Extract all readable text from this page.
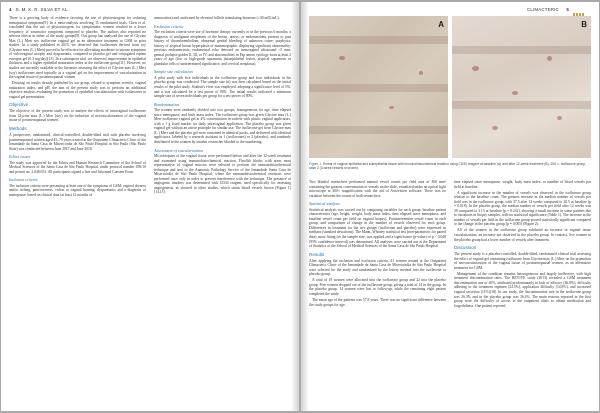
4 S. M. K. R. SILVA ET AL.

There is a growing body of evidence favoring the use of phytoestrogens for reducing menopausal symptoms[9]. In a meta-analysis involving 15 randomized trials, Chen et al. concluded that the use of phytoestrogens for symptomatic women resulted in a lower frequency of vasomotor symptoms compared to placebo. The authors also reported no adverse effects in either of the study groups[9]. Our group has analyzed the use of Glycine Max (L.) Merr soy isoflavone vaginal gel as an alternative treatment to GSM in prior studies. In a study published in 2015, we observed that isoflavones derived from soy (Glycine max (L.) Merr) proved to be effective for alleviating moderate to intense symptoms of vulvovaginal atrophy and dyspareunia, compared to placebo gel and conjugated equine estrogen gel (0.3 mg/day)[13]. In a subsequent trial, we observed improvement in epithelial thickness and a higher epithelial maturation index in the isoflavone group[11]. However, no studies are currently available in the literature assessing the effect of Glycine max (L.) Merr (soy) isoflavones used topically as a vaginal gel on the improvement of vascularization in the vaginal tissue of postmenopausal women.

Drawing on results already published by our group, related to symptom severity, vaginal maturation index, and pH, the aim of the present study was to perform an additional objective analysis evaluating the promotion of epithelial vascularization with isoflavones in vaginal gel presentation.

Objective

The objective of the present study was to analyze the effects of intravaginal isoflavones from Glycine max (L.) Merr (soy) on the induction of neovascularization of the vaginal tissue of postmenopausal women.

Methods

A prospective, randomized, clinical-controlled, double-blind trial with placebo involving postmenopausal women aged 45–70 years treated at the Outpatient Climacteric Clinic of the Irmandade da Santa Casa de Misericórdia de São Paulo Hospital in São Paulo (São Paulo State) was conducted between June 2017 and June 2018.

Ethics issues

The study was approved by the Ethics and Human Research Committee of the School of Medical Sciences of the Santa Casa de São Paulo Hospital, under protocol number 059/10 and permit no. 2.048.053. All participants signed a free and Informed Consent Form.

Inclusion criteria

The inclusion criteria were presenting at least one of the symptoms of GSM: vaginal dryness and/or itching, pain/soreness, vulvar or vaginal burning, dyspareunia; and a diagnosis of menopause, based on clinical data (at least 12 months of

amenorrhea) and confirmed by elevated follicle stimulating hormone (≥30 mIU/mL).

Exclusion criteria

The exclusion criteria were use of hormone therapy currently or in the previous 6 months; a diagnosis of malignant neoplasms of the breast, uterus, or endometrium; present or past history of thromboembolism; abnormal genital bleeding of unknown cause; porphyria; history of atypical breast hyperplasia or mammographic displaying significant abnormality; previous endometriosis; endometrial echo detected on transvaginal ultrasound >5 mm; genital prolapse grades II, III, or IV; and abnormalities in Pap smear cytology from at least 2 years of age (low or high-grade squamous intraepithelial lesion, atypical squamous or glandular cells of undetermined significance, and cervical neoplasia).

Sample size calculation

A pilot study with five individuals in the isoflavone group and four individuals in the placebo group was conducted. The sample size (n) was then calculated based on the initial results of the pilot study. Student's t-test was employed, adopting a significance level of 5%, and n was calculated for a test power of 80%. The initial results indicated a minimum sample size of seven individuals per group for a test power of 80%.

Randomization

The women were randomly divided into two groups, homogeneous for age, time elapsed since menopause, and body mass index. The isoflavone group was given Glycine max (L.) Merr isoflavone vaginal gel at 4% concentration in sachets with plastic vaginal applicators, with a 1 g fixed marker for daily intravaginal application. The placebo group was given vaginal gel without an active principle for similar use. The isoflavone gel from Glycine max (L.) Merr and the placebo gel were contained in identical packs, and delivered with identical applicators, labeled by a research assistant as 1 (isoflavones) or 2 (placebo), and randomly distributed to the women by another researcher blinded to the numbering.

Assessment of vascularization

Microbiopsies of the vaginal tissue were performed before and after the 12-week treatment and examined using immunohistochemical reaction. Fleoffth blocks with areas most representative of vaginal mucosa were selected to perform the immunohistochemical technique and sent to the Anatomic Pathology Service of the Irmandade Santa Casa de Misericórdia de São Paulo Hospital, where the immunohistochemical reactions were performed once only in order to prevent interference with the technique. The presence of angiogenic markers was determined with CD34 reagent, used specifically for assessing angiogenesis, as showed in other studies, which stains blood vessels brown (Figure 1)[14,15].

CLIMACTERIC 5
A	B
Figure 1. Smear of vaginal epithelial and subepithelial tissue with immunohistochemical reaction using CD34 reagent at baseline (A) and after 12-week treatment (B). 200 ×. Isoflavone group, case 2 (3-week vessels in brown).

Two blinded researchers performed manual vessel counts per field area of 360 mm² containing the greatest concentration of vessels on the slide, visualized under an optical light microscope at 200× magnification with the aid of Axiovision software. There was no variation between the counts of both researchers.

Statistical analysis

Statistical analysis was carried out by comparing variables for each group: baseline patient characteristics (age, height, weight, body mass index, time elapsed since menopause, and baseline vessel count per field on vaginal biopsy). Postintervention vessel count in each group, and comparison of change in the number of vessels observed for each group. Differences in treatment for the two groups (isoflavone and placebo) were expressed as medians (standard deviations). The Mann–Whitney statistical test (non-parametric for paired data), most fitting for the sample size, was applied and a significance (p-value) of p < 0.048 (95% confidence interval) was determined. All analyses were carried out at the Department of Statistics of the School of Medical Sciences of the Santa Casa de São Paulo Hospital.

Results

After applying the inclusion and exclusion criteria, 41 women treated at the Outpatient Climacteric Clinic of the Irmandade da Santa Casa de Misericórdia de São Paulo Hospital were selected for the study and randomized by the lottery method into the isoflavone or placebo group.

A total of 19 women were allocated into the isoflavone group and 22 into the placebo group. Five women dropped out of the isoflavone group, giving a total of 14 in the group. In the placebo group, 14 women were lost to follow-up, while the remaining eight patient completed the study.

The mean age of the patients was 57.8 years. There was no significant difference between the study groups for age,

time elapsed since menopause, weight, body mass index, or number of blood vessels per field at baseline.

A significant increase in the number of vessels was observed in the isoflavone group relative to the baseline count. The greatest increase in the median number of vessels per field was in the isoflavone group, with 37.5 after 12-weeks compared to 20.5 at baseline (p = 0.018). In the placebo group, the median number of vessels per field after 12 weeks was 30 compared to 31.5 at baseline (p = 0.242), showing a small increase in some patients due to variations in biopsy samples, with no statistical significance (Table 1). The increase in the number of vessels per field in the isoflavone group proved statistically significant compared to the change in the placebo group (p = 0.005) (Figure 2).

All of the women in the isoflavone group exhibited an increase in vaginal tissue vascularization, an increase not observed in the placebo group. In contrast, five women in the placebo group had a lower number of vessels after treatment.

Discussion

The present study is a placebo-controlled, double-blind, randomized clinical trial assessing the effect of vaginal gel containing isoflavone from Glycine max (L.) Merr on the promotion of neovascularization of the vaginal tissue of postmenopausal women, as an alternative treatment for GSM.

Management of the condition remains heterogeneous and largely ineffective, with high treatment discontinuation rates. The REVIVE study (2013) revealed a GSM treatment discontinuation rate of 40%, attributed predominantly to lack of efficacy (46.8%), difficulty adhering to the treatment regimen (24.5%), application difficulty (14.8%), and increased vaginal secretion (11%)[18]. In our study, the discontinuation rate in the isoflavone group was 26.3% and in the placebo group was 36.4%. The main reasons reported in the first group were the difficulty of access to the outpatient clinic to obtain medication and forgetfulness. One patient reported
